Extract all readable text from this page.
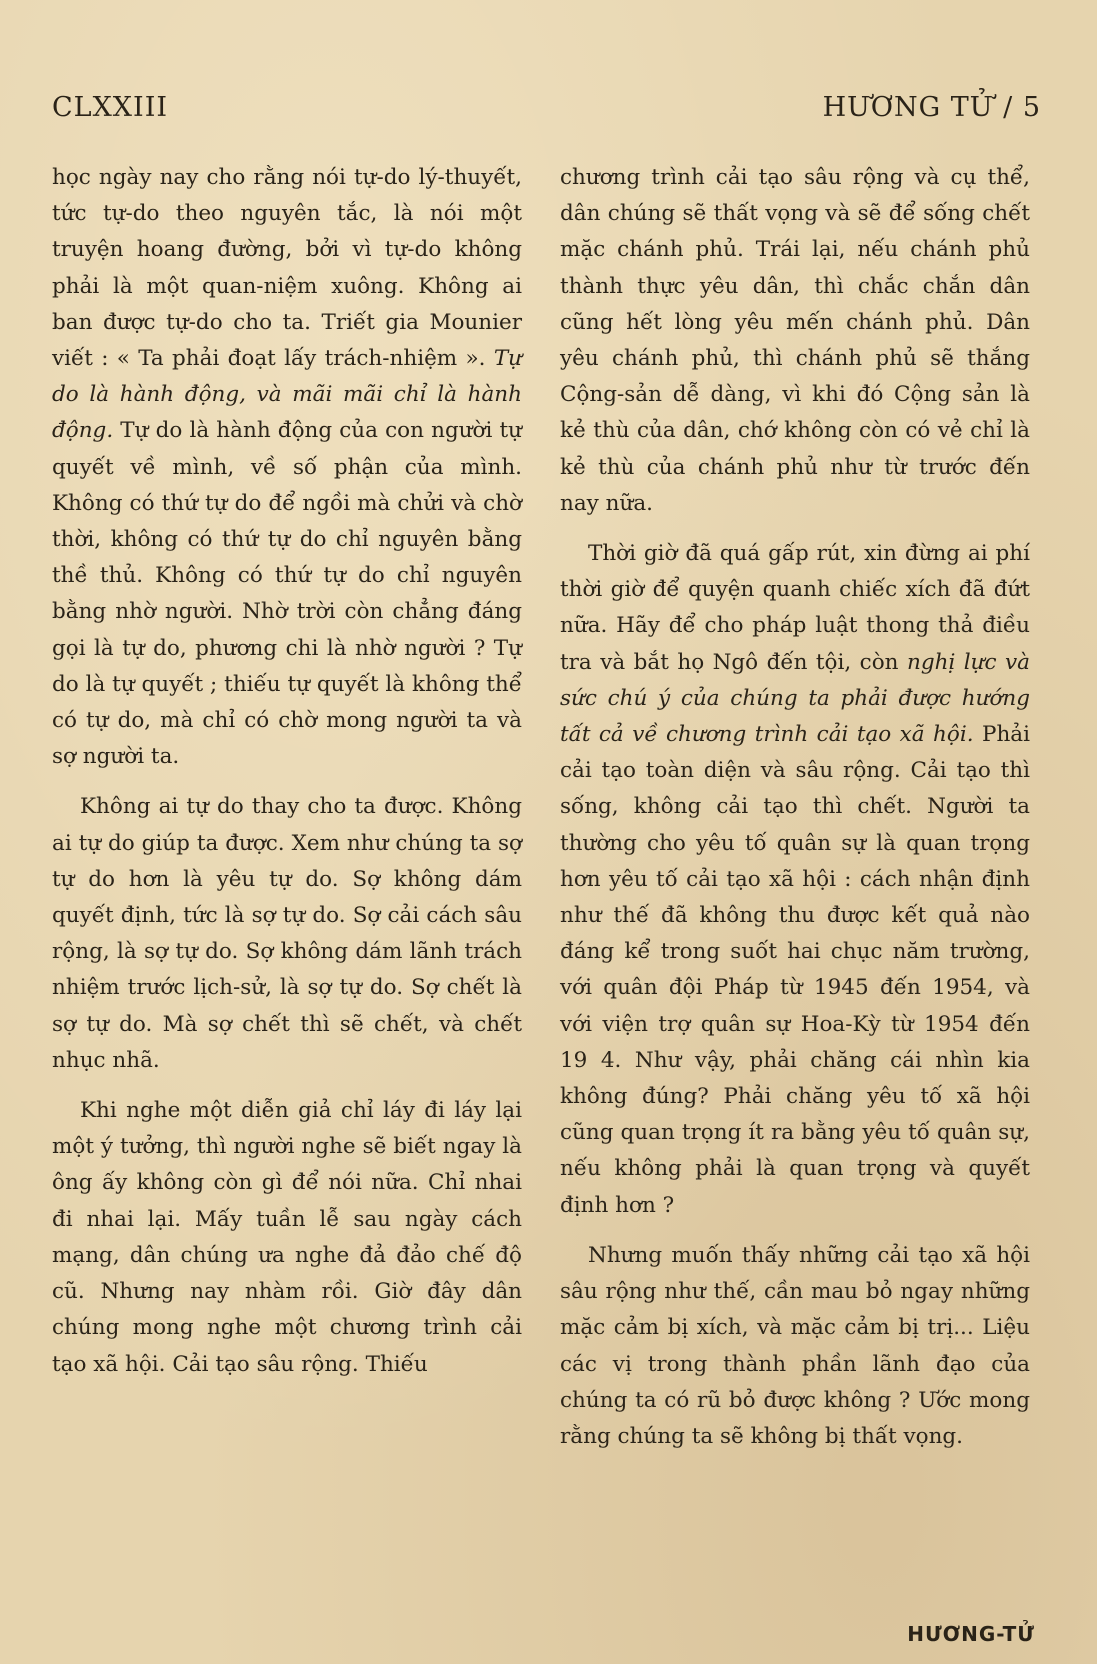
CLXXIII	HƯƠNG TỬ / 5

học ngày nay cho rằng nói tự-do lý-thuyết, tức tự-do theo nguyên tắc, là nói một truyện hoang đường, bởi vì tự-do không phải là một quan-niệm xuông. Không ai ban được tự-do cho ta. Triết gia Mounier viết : « Ta phải đoạt lấy trách-nhiệm ». Tự do là hành động, và mãi mãi chỉ là hành động. Tự do là hành động của con người tự quyết về mình, về số phận của mình. Không có thứ tự do để ngồi mà chửi và chờ thời, không có thứ tự do chỉ nguyên bằng thề thủ. Không có thứ tự do chỉ nguyên bằng nhờ người. Nhờ trời còn chẳng đáng gọi là tự do, phương chi là nhờ người ? Tự do là tự quyết ; thiếu tự quyết là không thể có tự do, mà chỉ có chờ mong người ta và sợ người ta.

Không ai tự do thay cho ta được. Không ai tự do giúp ta được. Xem như chúng ta sợ tự do hơn là yêu tự do. Sợ không dám quyết định, tức là sợ tự do. Sợ cải cách sâu rộng, là sợ tự do. Sợ không dám lãnh trách nhiệm trước lịch-sử, là sợ tự do. Sợ chết là sợ tự do. Mà sợ chết thì sẽ chết, và chết nhục nhã.

Khi nghe một diễn giả chỉ láy đi láy lại một ý tưởng, thì người nghe sẽ biết ngay là ông ấy không còn gì để nói nữa. Chỉ nhai đi nhai lại. Mấy tuần lễ sau ngày cách mạng, dân chúng ưa nghe đả đảo chế độ cũ. Nhưng nay nhàm rồi. Giờ đây dân chúng mong nghe một chương trình cải tạo xã hội. Cải tạo sâu rộng. Thiếu

chương trình cải tạo sâu rộng và cụ thể, dân chúng sẽ thất vọng và sẽ để sống chết mặc chánh phủ. Trái lại, nếu chánh phủ thành thực yêu dân, thì chắc chắn dân cũng hết lòng yêu mến chánh phủ. Dân yêu chánh phủ, thì chánh phủ sẽ thắng Cộng-sản dễ dàng, vì khi đó Cộng sản là kẻ thù của dân, chớ không còn có vẻ chỉ là kẻ thù của chánh phủ như từ trước đến nay nữa.

Thời giờ đã quá gấp rút, xin đừng ai phí thời giờ để quyện quanh chiếc xích đã đứt nữa. Hãy để cho pháp luật thong thả điều tra và bắt họ Ngô đến tội, còn nghị lực và sức chú ý của chúng ta phải được hướng tất cả về chương trình cải tạo xã hội. Phải cải tạo toàn diện và sâu rộng. Cải tạo thì sống, không cải tạo thì chết. Người ta thường cho yêu tố quân sự là quan trọng hơn yêu tố cải tạo xã hội : cách nhận định như thế đã không thu được kết quả nào đáng kể trong suốt hai chục năm trường, với quân đội Pháp từ 1945 đến 1954, và với viện trợ quân sự Hoa-Kỳ từ 1954 đến 19 4. Như vậy, phải chăng cái nhìn kia không đúng? Phải chăng yêu tố xã hội cũng quan trọng ít ra bằng yêu tố quân sự, nếu không phải là quan trọng và quyết định hơn ?

Nhưng muốn thấy những cải tạo xã hội sâu rộng như thế, cần mau bỏ ngay những mặc cảm bị xích, và mặc cảm bị trị... Liệu các vị trong thành phần lãnh đạo của chúng ta có rũ bỏ được không ? Ước mong rằng chúng ta sẽ không bị thất vọng.

HƯƠNG-TỬ
